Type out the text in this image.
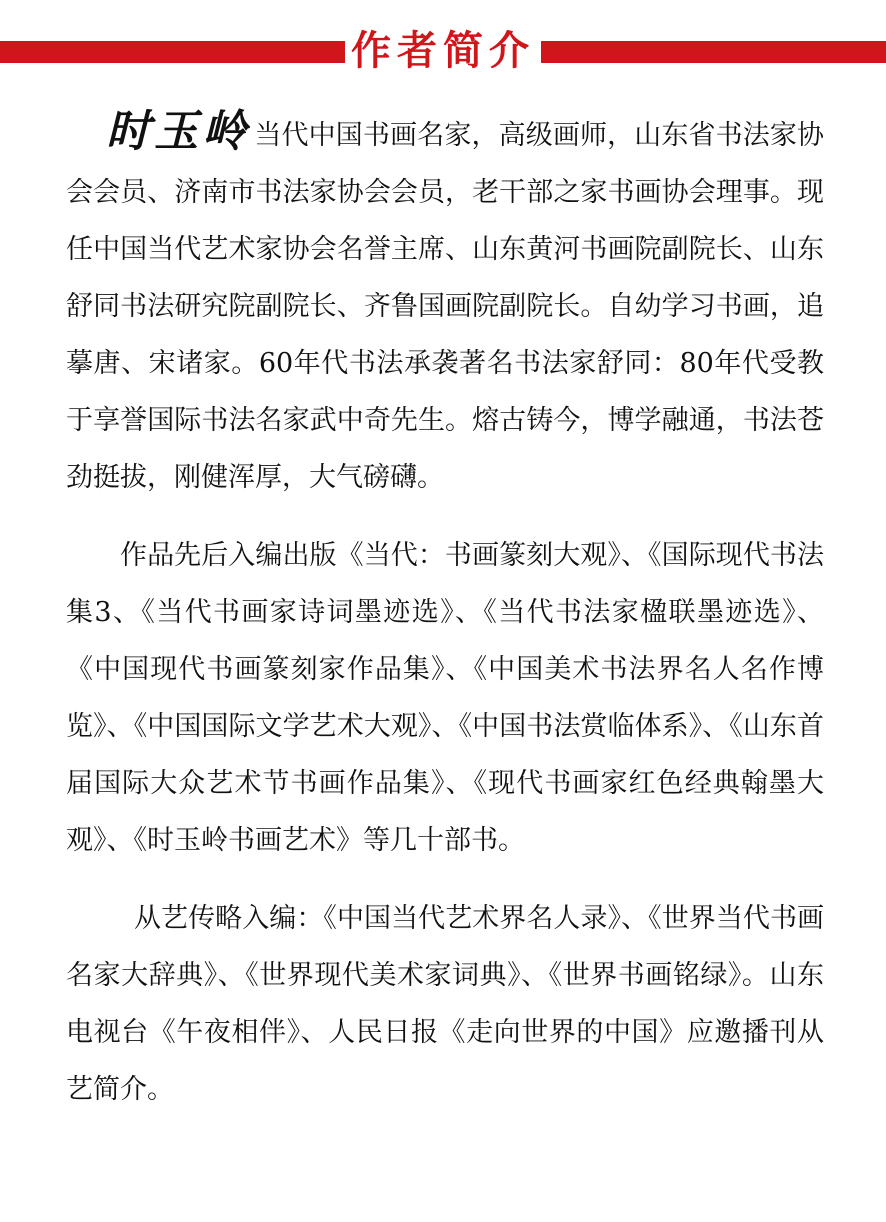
作者简介

时玉岭 当代中国书画名家，高级画师，山东省书法家协会会员、济南市书法家协会会员，老干部之家书画协会理事。现任中国当代艺术家协会名誉主席、山东黄河书画院副院长、山东舒同书法研究院副院长、齐鲁国画院副院长。自幼学习书画，追摹唐、宋诸家。60年代书法承袭著名书法家舒同：80年代受教于享誉国际书法名家武中奇先生。熔古铸今，博学融通，书法苍劲挺拔，刚健浑厚，大气磅礴。

作品先后入编出版《当代：书画篆刻大观》、《国际现代书法集3、《当代书画家诗词墨迹选》、《当代书法家楹联墨迹选》、《中国现代书画篆刻家作品集》、《中国美术书法界名人名作博览》、《中国国际文学艺术大观》、《中国书法赏临体系》、《山东首届国际大众艺术节书画作品集》、《现代书画家红色经典翰墨大观》、《时玉岭书画艺术》等几十部书。

从艺传略入编：《中国当代艺术界名人录》、《世界当代书画名家大辞典》、《世界现代美术家词典》、《世界书画铭绿》。山东电视台《午夜相伴》、人民日报《走向世界的中国》应邀播刊从艺简介。
